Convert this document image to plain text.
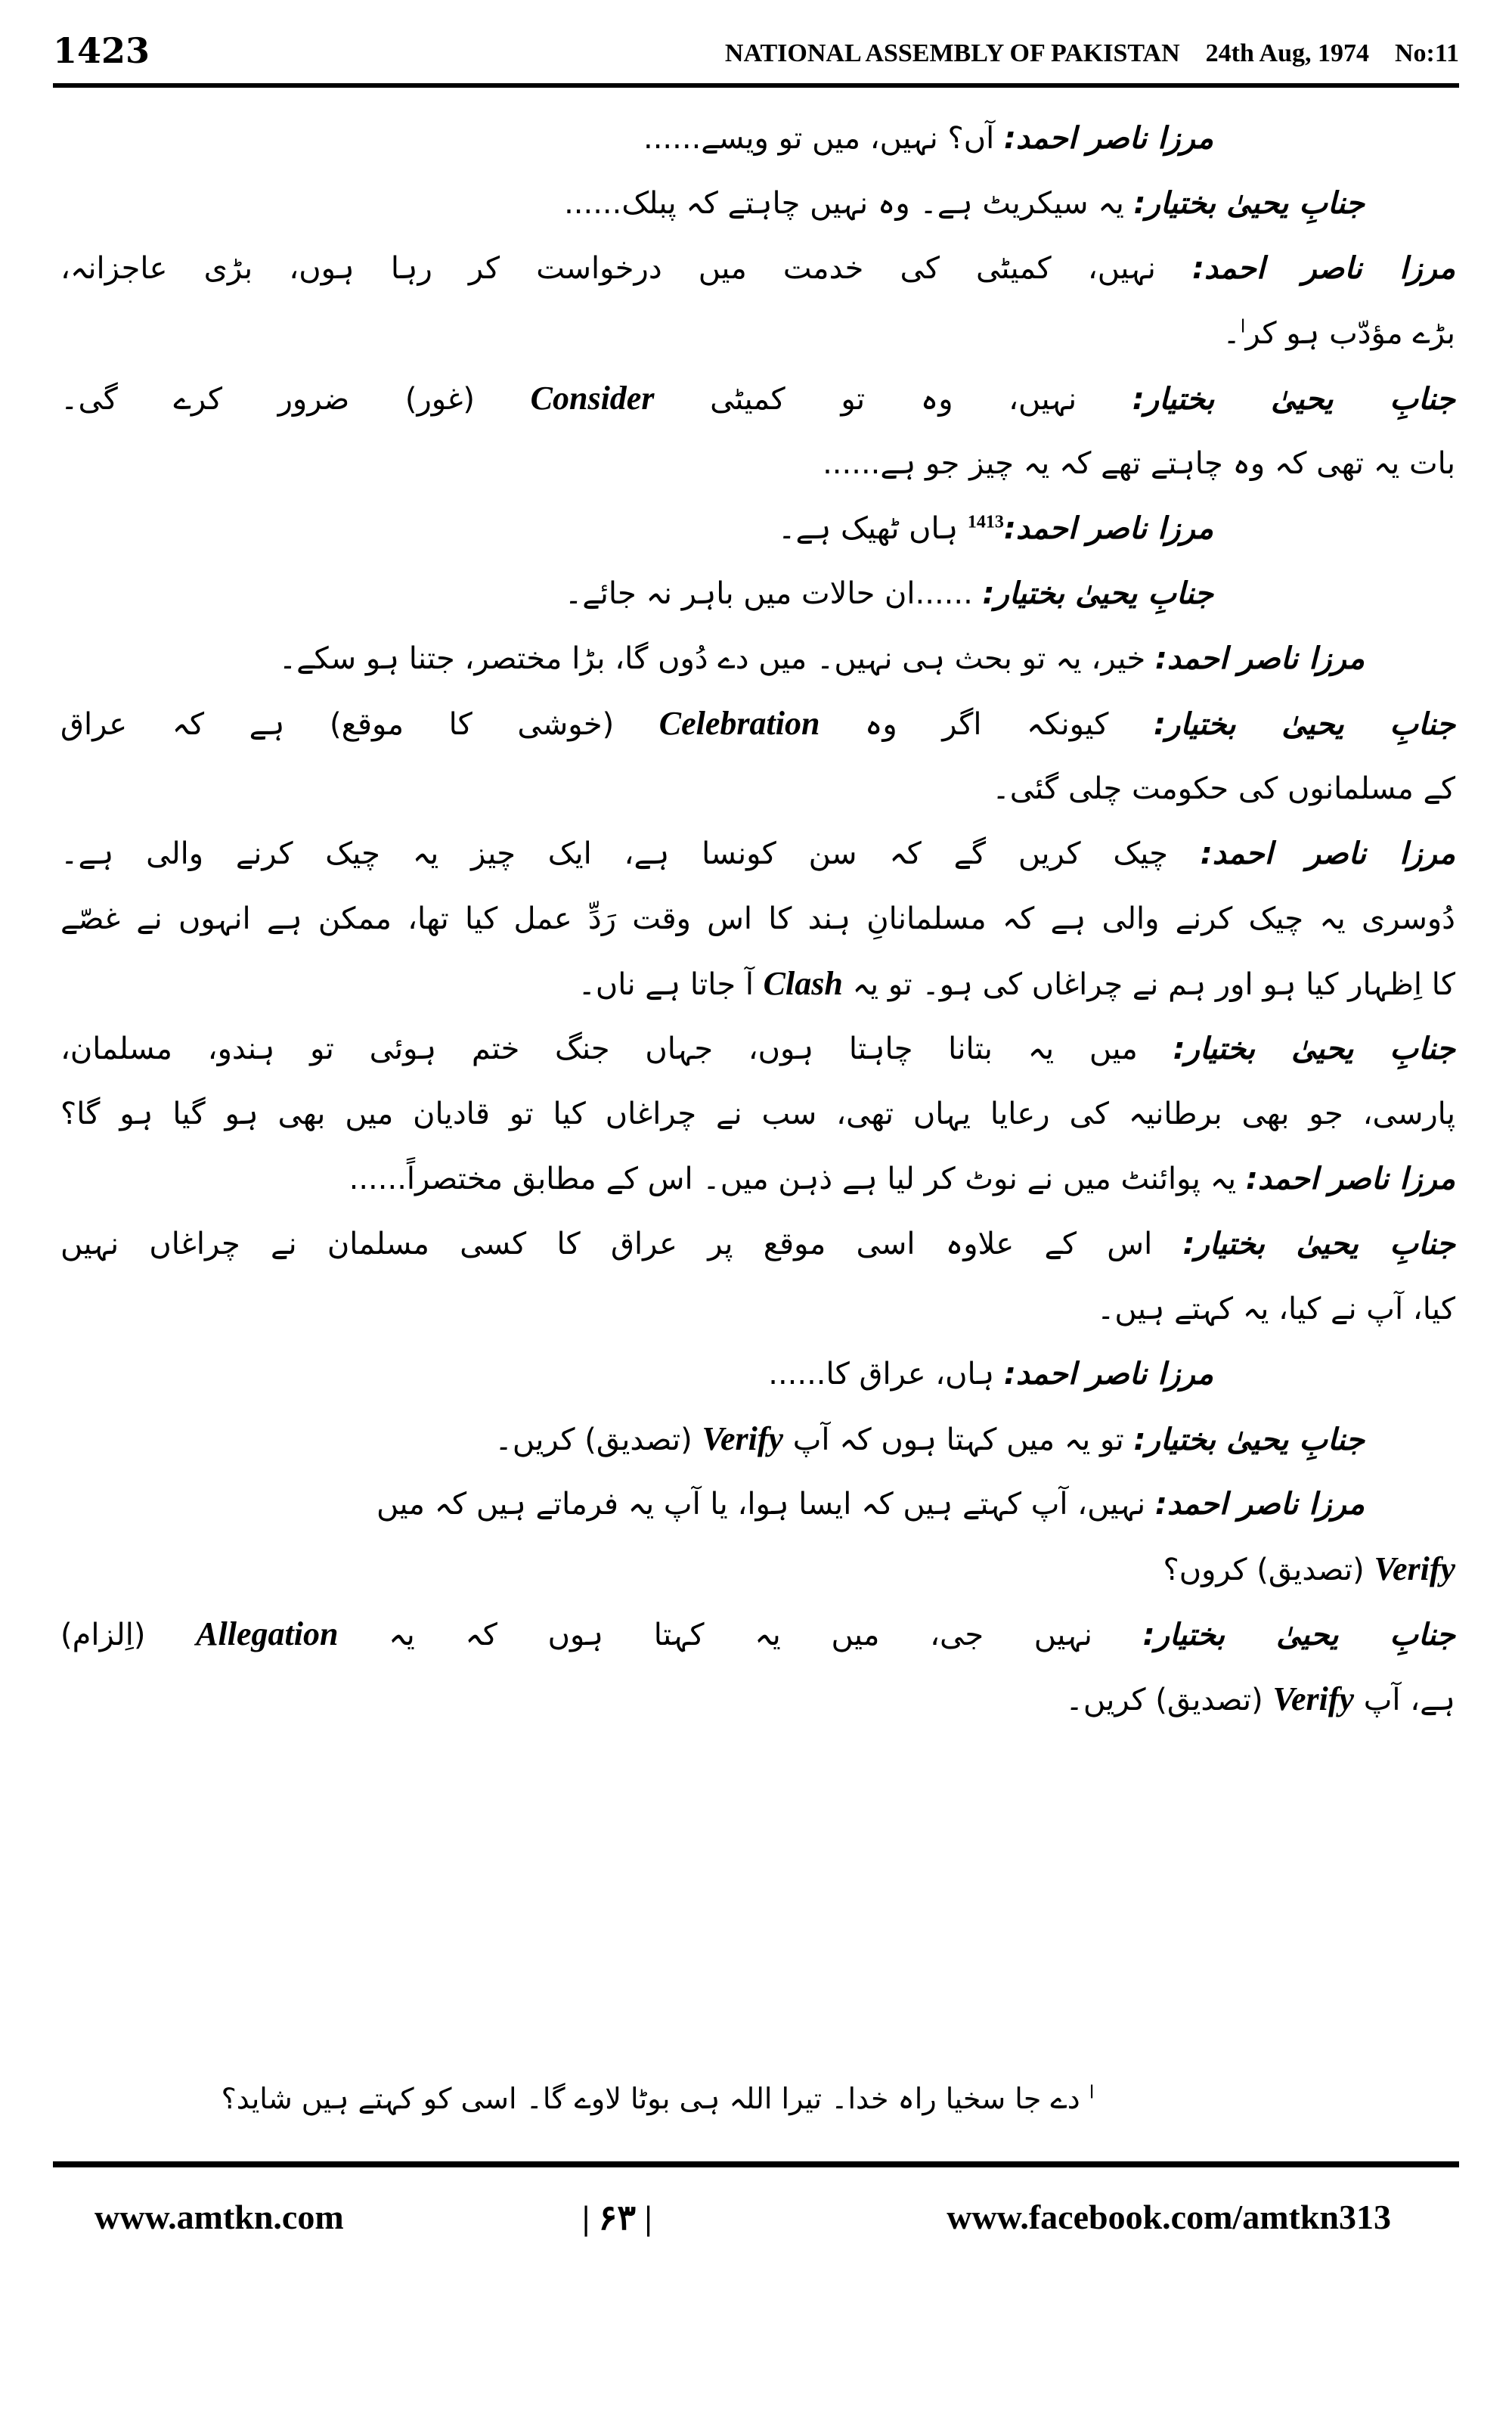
1423	NATIONAL ASSEMBLY OF PAKISTAN 24th Aug, 1974 No:11
مرزا ناصر احمد: آں؟ نہیں، میں تو ویسے......
جنابِ یحییٰ بختیار: یہ سیکریٹ ہے۔ وہ نہیں چاہتے کہ پبلک......
مرزا ناصر احمد: نہیں، کمیٹی کی خدمت میں درخواست کر رہا ہوں، بڑی عاجزانہ،
بڑے مؤدّب ہو کر$^ا$۔
جنابِ یحییٰ بختیار: نہیں، وہ تو کمیٹی Consider (غور) ضرور کرے گی۔
بات یہ تھی کہ وہ چاہتے تھے کہ یہ چیز جو ہے......
مرزا ناصر احمد:$^{1413}$ ہاں ٹھیک ہے۔
جنابِ یحییٰ بختیار: ......ان حالات میں باہر نہ جائے۔
مرزا ناصر احمد: خیر، یہ تو بحث ہی نہیں۔ میں دے دُوں گا، بڑا مختصر، جتنا ہو سکے۔
جنابِ یحییٰ بختیار: کیونکہ اگر وہ Celebration (خوشی کا موقع) ہے کہ عراق
کے مسلمانوں کی حکومت چلی گئی۔
مرزا ناصر احمد: چیک کریں گے کہ سن کونسا ہے، ایک چیز یہ چیک کرنے والی ہے۔
دُوسری یہ چیک کرنے والی ہے کہ مسلمانانِ ہند کا اس وقت رَدِّ عمل کیا تھا، ممکن ہے انہوں نے غصّے
کا اِظہار کیا ہو اور ہم نے چراغاں کی ہو۔ تو یہ Clash آ جاتا ہے ناں۔
جنابِ یحییٰ بختیار: میں یہ بتانا چاہتا ہوں، جہاں جنگ ختم ہوئی تو ہندو، مسلمان،
پارسی، جو بھی برطانیہ کی رعایا یہاں تھی، سب نے چراغاں کیا تو قادیان میں بھی ہو گیا ہو گا؟
مرزا ناصر احمد: یہ پوائنٹ میں نے نوٹ کر لیا ہے ذہن میں۔ اس کے مطابق مختصراً......
جنابِ یحییٰ بختیار: اس کے علاوہ اسی موقع پر عراق کا کسی مسلمان نے چراغاں نہیں
کیا، آپ نے کیا، یہ کہتے ہیں۔
مرزا ناصر احمد: ہاں، عراق کا......
جنابِ یحییٰ بختیار: تو یہ میں کہتا ہوں کہ آپ Verify (تصدیق) کریں۔
مرزا ناصر احمد: نہیں، آپ کہتے ہیں کہ ایسا ہوا، یا آپ یہ فرماتے ہیں کہ میں
Verify (تصدیق) کروں؟
جنابِ یحییٰ بختیار: نہیں جی، میں یہ کہتا ہوں کہ یہ Allegation (اِلزام)
ہے، آپ Verify (تصدیق) کریں۔
$^ا$ دے جا سخیا راہ خدا۔ تیرا اللہ ہی بوٹا لاوے گا۔ اسی کو کہتے ہیں شاید؟
www.amtkn.com	| ۶۳ |	www.facebook.com/amtkn313
